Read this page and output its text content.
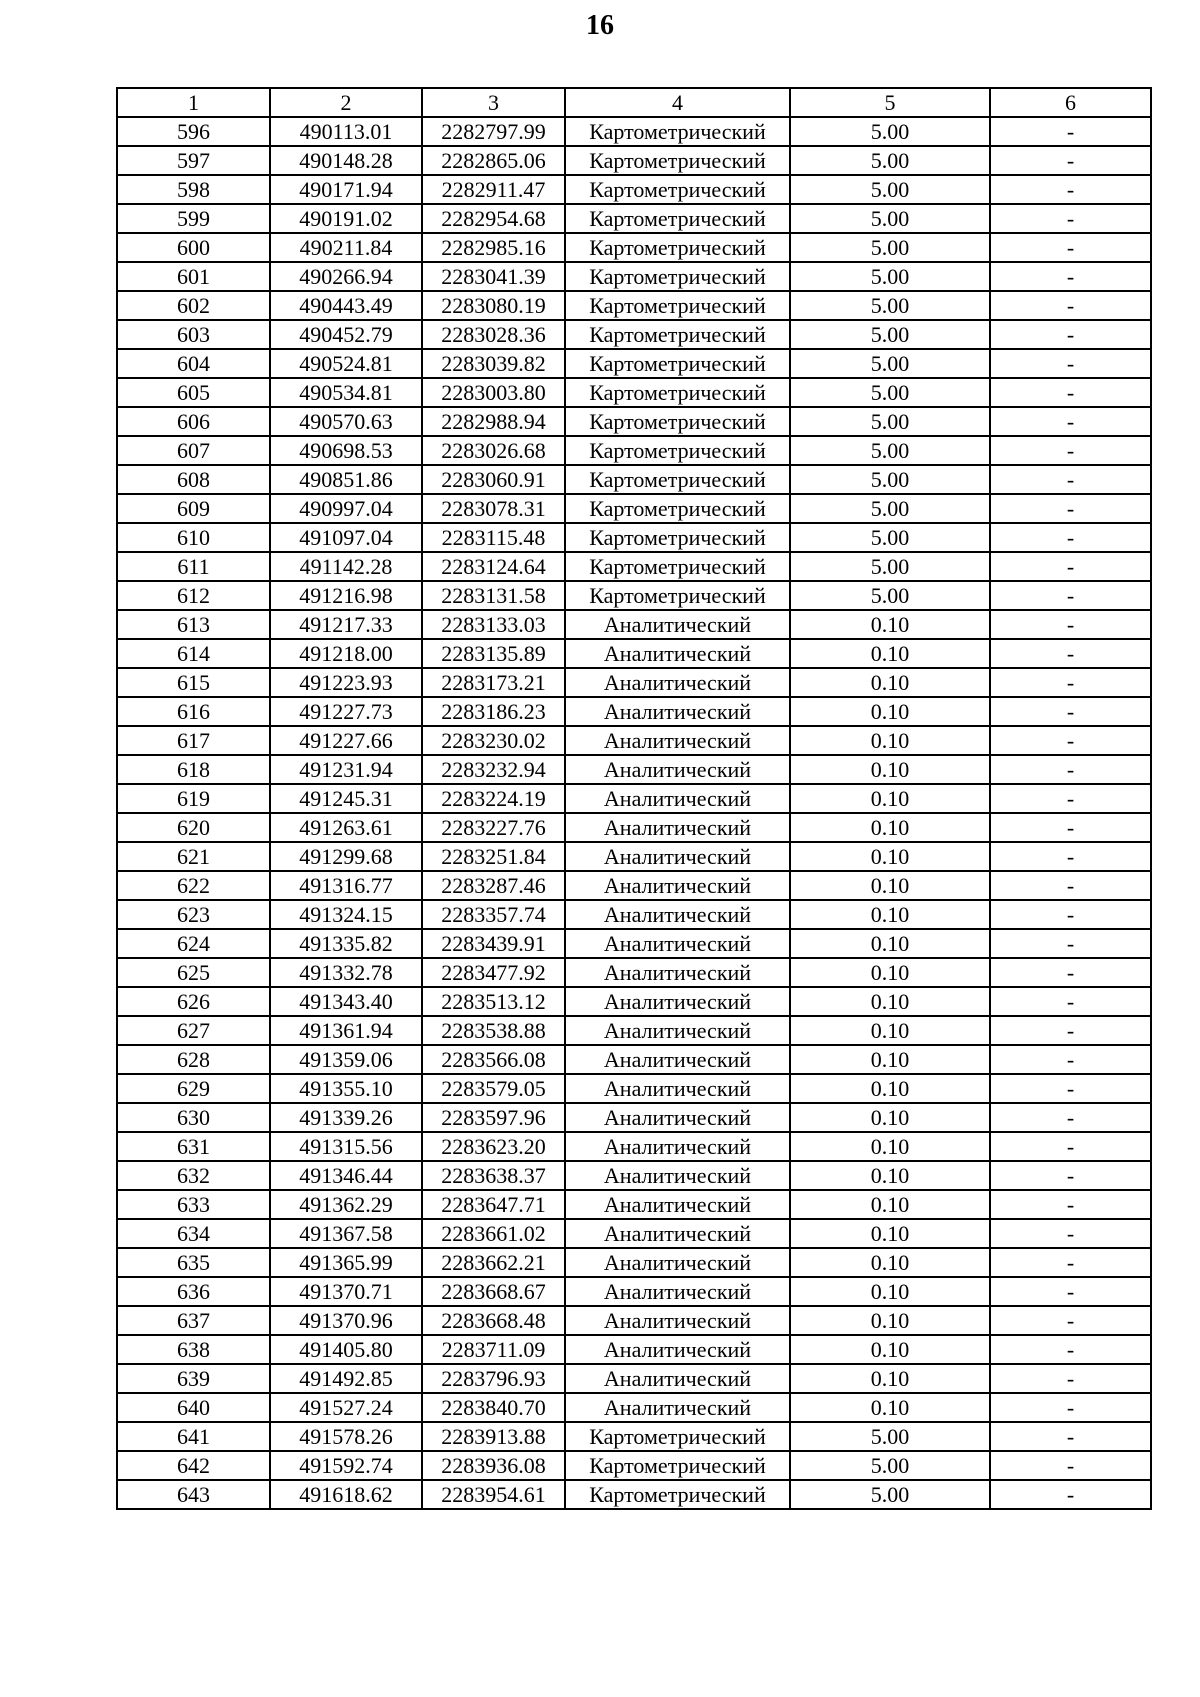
16
1	2	3	4	5	6
596	490113.01	2282797.99	Картометрический	5.00	-
597	490148.28	2282865.06	Картометрический	5.00	-
598	490171.94	2282911.47	Картометрический	5.00	-
599	490191.02	2282954.68	Картометрический	5.00	-
600	490211.84	2282985.16	Картометрический	5.00	-
601	490266.94	2283041.39	Картометрический	5.00	-
602	490443.49	2283080.19	Картометрический	5.00	-
603	490452.79	2283028.36	Картометрический	5.00	-
604	490524.81	2283039.82	Картометрический	5.00	-
605	490534.81	2283003.80	Картометрический	5.00	-
606	490570.63	2282988.94	Картометрический	5.00	-
607	490698.53	2283026.68	Картометрический	5.00	-
608	490851.86	2283060.91	Картометрический	5.00	-
609	490997.04	2283078.31	Картометрический	5.00	-
610	491097.04	2283115.48	Картометрический	5.00	-
611	491142.28	2283124.64	Картометрический	5.00	-
612	491216.98	2283131.58	Картометрический	5.00	-
613	491217.33	2283133.03	Аналитический	0.10	-
614	491218.00	2283135.89	Аналитический	0.10	-
615	491223.93	2283173.21	Аналитический	0.10	-
616	491227.73	2283186.23	Аналитический	0.10	-
617	491227.66	2283230.02	Аналитический	0.10	-
618	491231.94	2283232.94	Аналитический	0.10	-
619	491245.31	2283224.19	Аналитический	0.10	-
620	491263.61	2283227.76	Аналитический	0.10	-
621	491299.68	2283251.84	Аналитический	0.10	-
622	491316.77	2283287.46	Аналитический	0.10	-
623	491324.15	2283357.74	Аналитический	0.10	-
624	491335.82	2283439.91	Аналитический	0.10	-
625	491332.78	2283477.92	Аналитический	0.10	-
626	491343.40	2283513.12	Аналитический	0.10	-
627	491361.94	2283538.88	Аналитический	0.10	-
628	491359.06	2283566.08	Аналитический	0.10	-
629	491355.10	2283579.05	Аналитический	0.10	-
630	491339.26	2283597.96	Аналитический	0.10	-
631	491315.56	2283623.20	Аналитический	0.10	-
632	491346.44	2283638.37	Аналитический	0.10	-
633	491362.29	2283647.71	Аналитический	0.10	-
634	491367.58	2283661.02	Аналитический	0.10	-
635	491365.99	2283662.21	Аналитический	0.10	-
636	491370.71	2283668.67	Аналитический	0.10	-
637	491370.96	2283668.48	Аналитический	0.10	-
638	491405.80	2283711.09	Аналитический	0.10	-
639	491492.85	2283796.93	Аналитический	0.10	-
640	491527.24	2283840.70	Аналитический	0.10	-
641	491578.26	2283913.88	Картометрический	5.00	-
642	491592.74	2283936.08	Картометрический	5.00	-
643	491618.62	2283954.61	Картометрический	5.00	-
